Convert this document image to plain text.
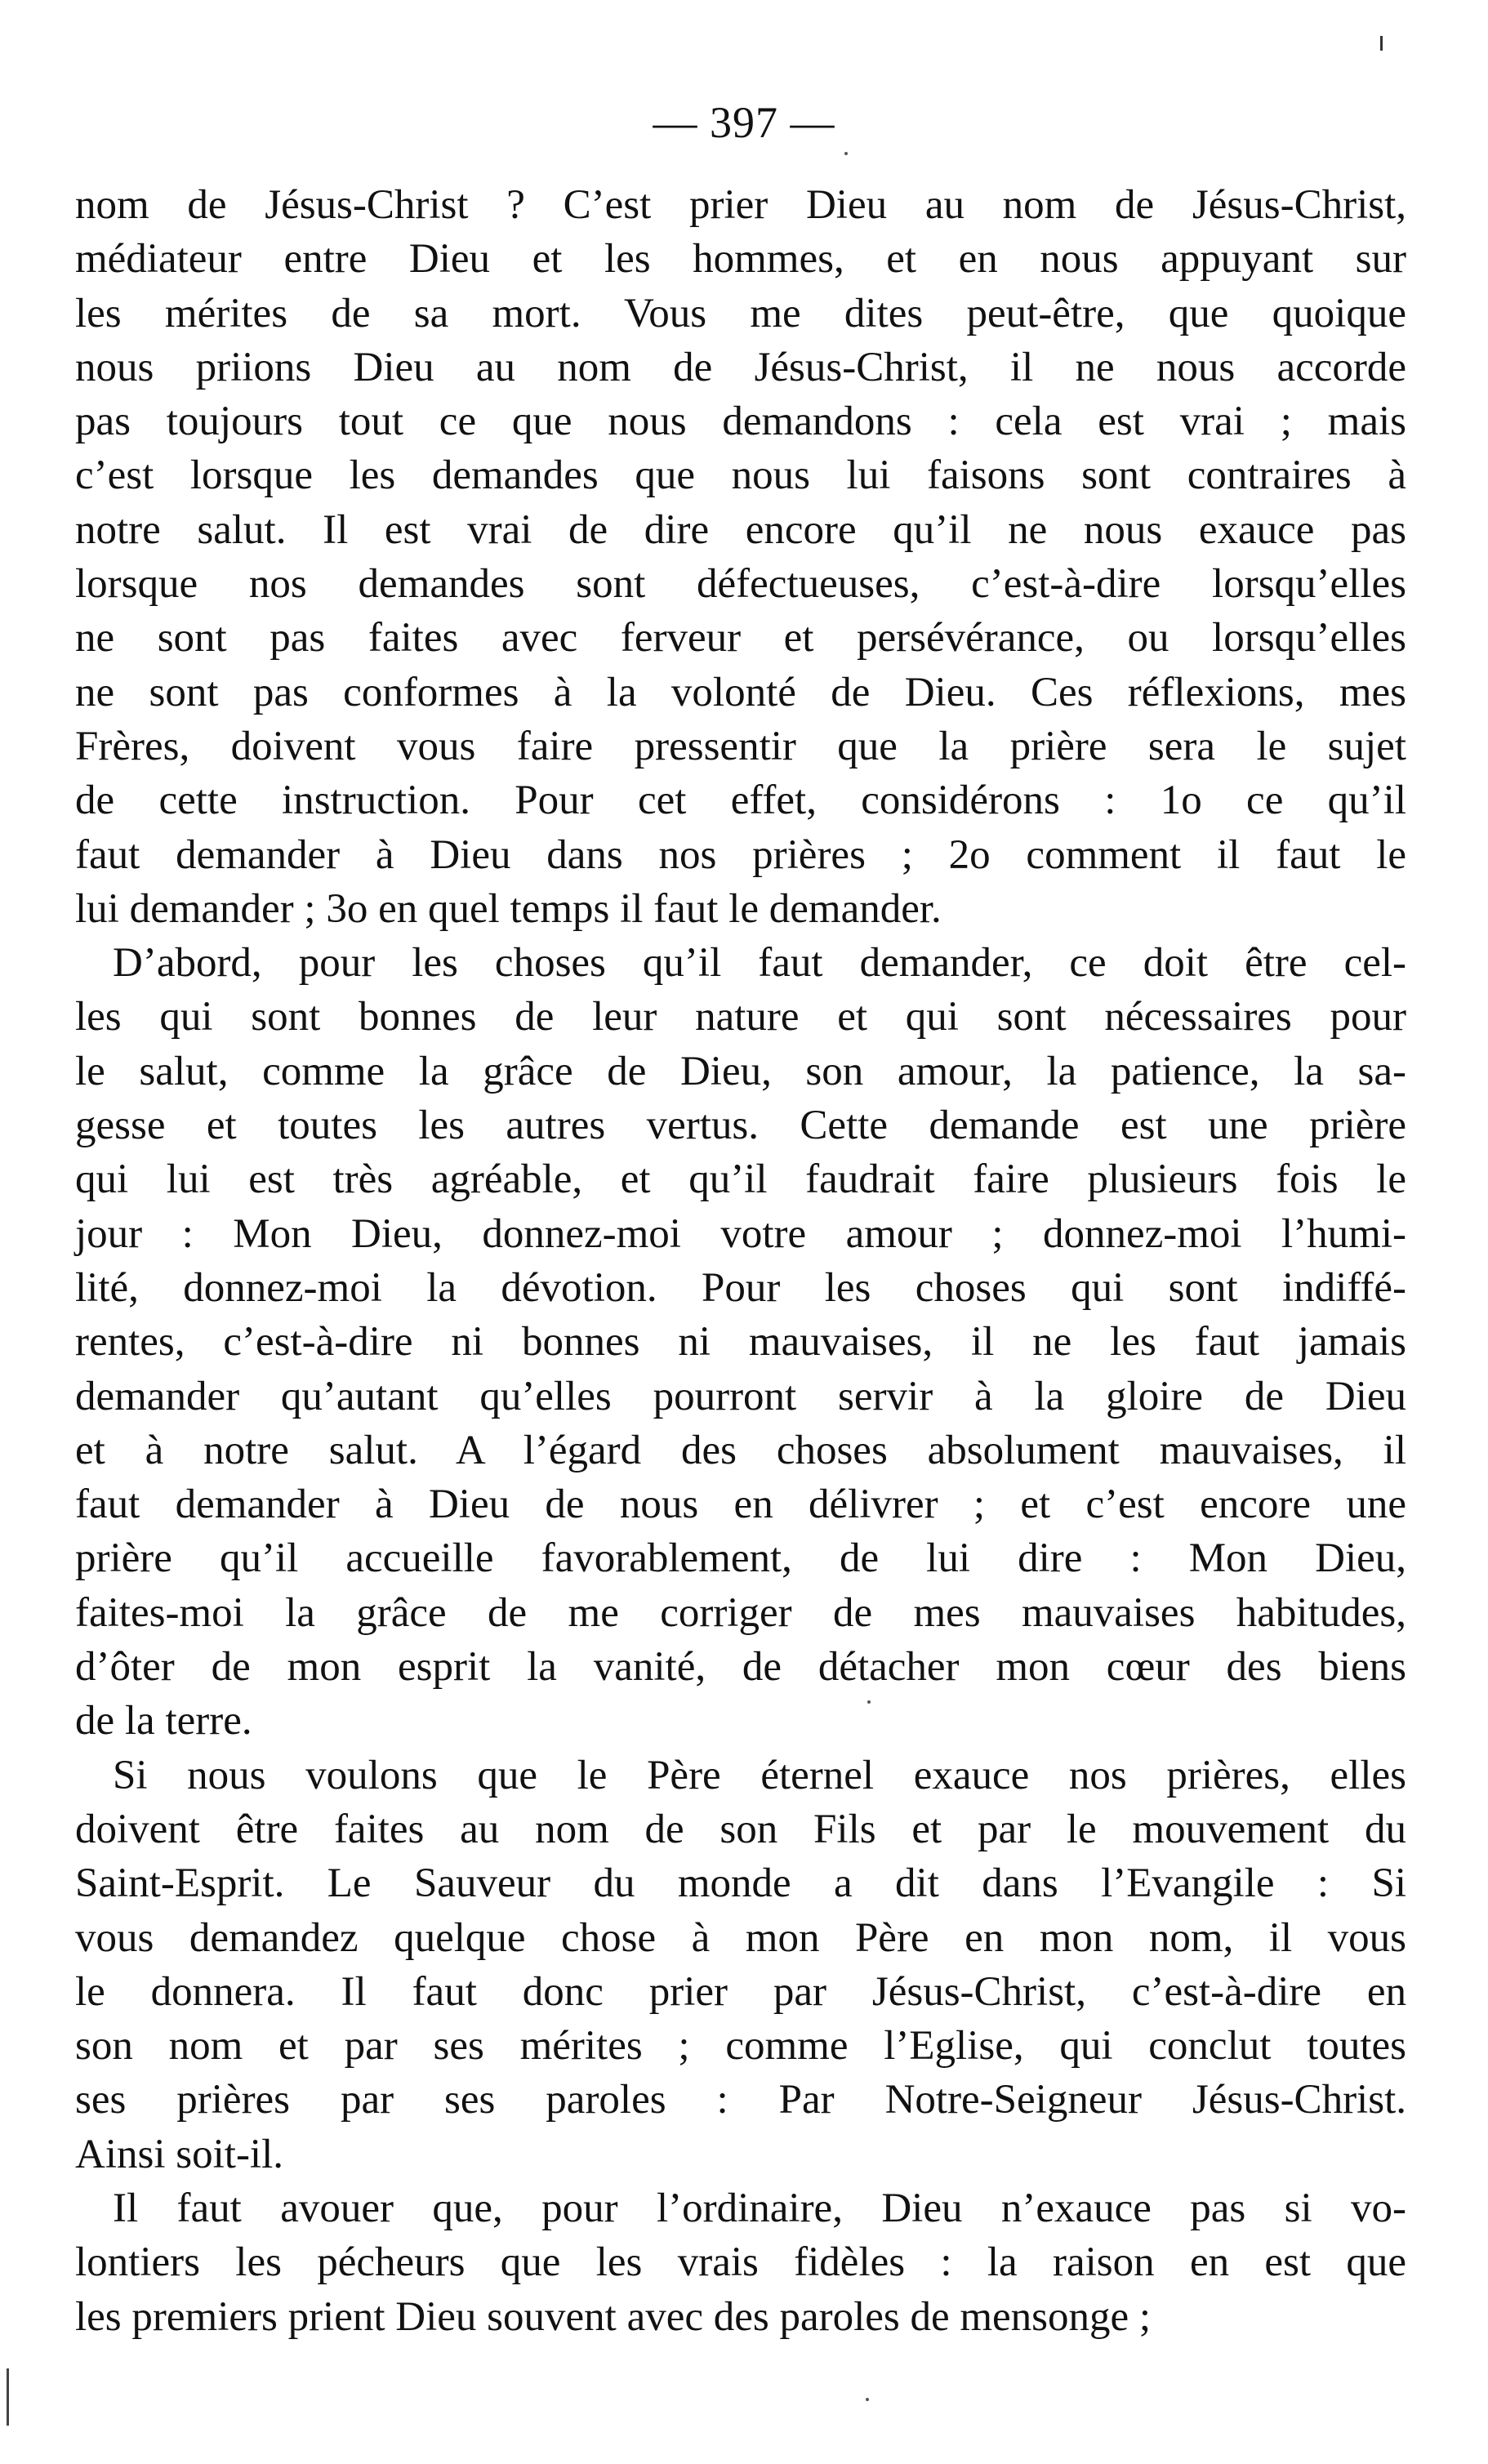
— 397 —
nom de Jésus-Christ ? C’est prier Dieu au nom de Jésus-Christ,
médiateur entre Dieu et les hommes, et en nous appuyant sur
les mérites de sa mort. Vous me dites peut-être, que quoique
nous priions Dieu au nom de Jésus-Christ, il ne nous accorde
pas toujours tout ce que nous demandons : cela est vrai ; mais
c’est lorsque les demandes que nous lui faisons sont contraires à
notre salut. Il est vrai de dire encore qu’il ne nous exauce pas
lorsque nos demandes sont défectueuses, c’est-à-dire lorsqu’elles
ne sont pas faites avec ferveur et persévérance, ou lorsqu’elles
ne sont pas conformes à la volonté de Dieu. Ces réflexions, mes
Frères, doivent vous faire pressentir que la prière sera le sujet
de cette instruction. Pour cet effet, considérons : 1o ce qu’il
faut demander à Dieu dans nos prières ; 2o comment il faut le
lui demander ; 3o en quel temps il faut le demander.
D’abord, pour les choses qu’il faut demander, ce doit être cel-
les qui sont bonnes de leur nature et qui sont nécessaires pour
le salut, comme la grâce de Dieu, son amour, la patience, la sa-
gesse et toutes les autres vertus. Cette demande est une prière
qui lui est très agréable, et qu’il faudrait faire plusieurs fois le
jour : Mon Dieu, donnez-moi votre amour ; donnez-moi l’humi-
lité, donnez-moi la dévotion. Pour les choses qui sont indiffé-
rentes, c’est-à-dire ni bonnes ni mauvaises, il ne les faut jamais
demander qu’autant qu’elles pourront servir à la gloire de Dieu
et à notre salut. A l’égard des choses absolument mauvaises, il
faut demander à Dieu de nous en délivrer ; et c’est encore une
prière qu’il accueille favorablement, de lui dire : Mon Dieu,
faites-moi la grâce de me corriger de mes mauvaises habitudes,
d’ôter de mon esprit la vanité, de détacher mon cœur des biens
de la terre.
Si nous voulons que le Père éternel exauce nos prières, elles
doivent être faites au nom de son Fils et par le mouvement du
Saint-Esprit. Le Sauveur du monde a dit dans l’Evangile : Si
vous demandez quelque chose à mon Père en mon nom, il vous
le donnera. Il faut donc prier par Jésus-Christ, c’est-à-dire en
son nom et par ses mérites ; comme l’Eglise, qui conclut toutes
ses prières par ses paroles : Par Notre-Seigneur Jésus-Christ.
Ainsi soit-il.
Il faut avouer que, pour l’ordinaire, Dieu n’exauce pas si vo-
lontiers les pécheurs que les vrais fidèles : la raison en est que
les premiers prient Dieu souvent avec des paroles de mensonge ;
